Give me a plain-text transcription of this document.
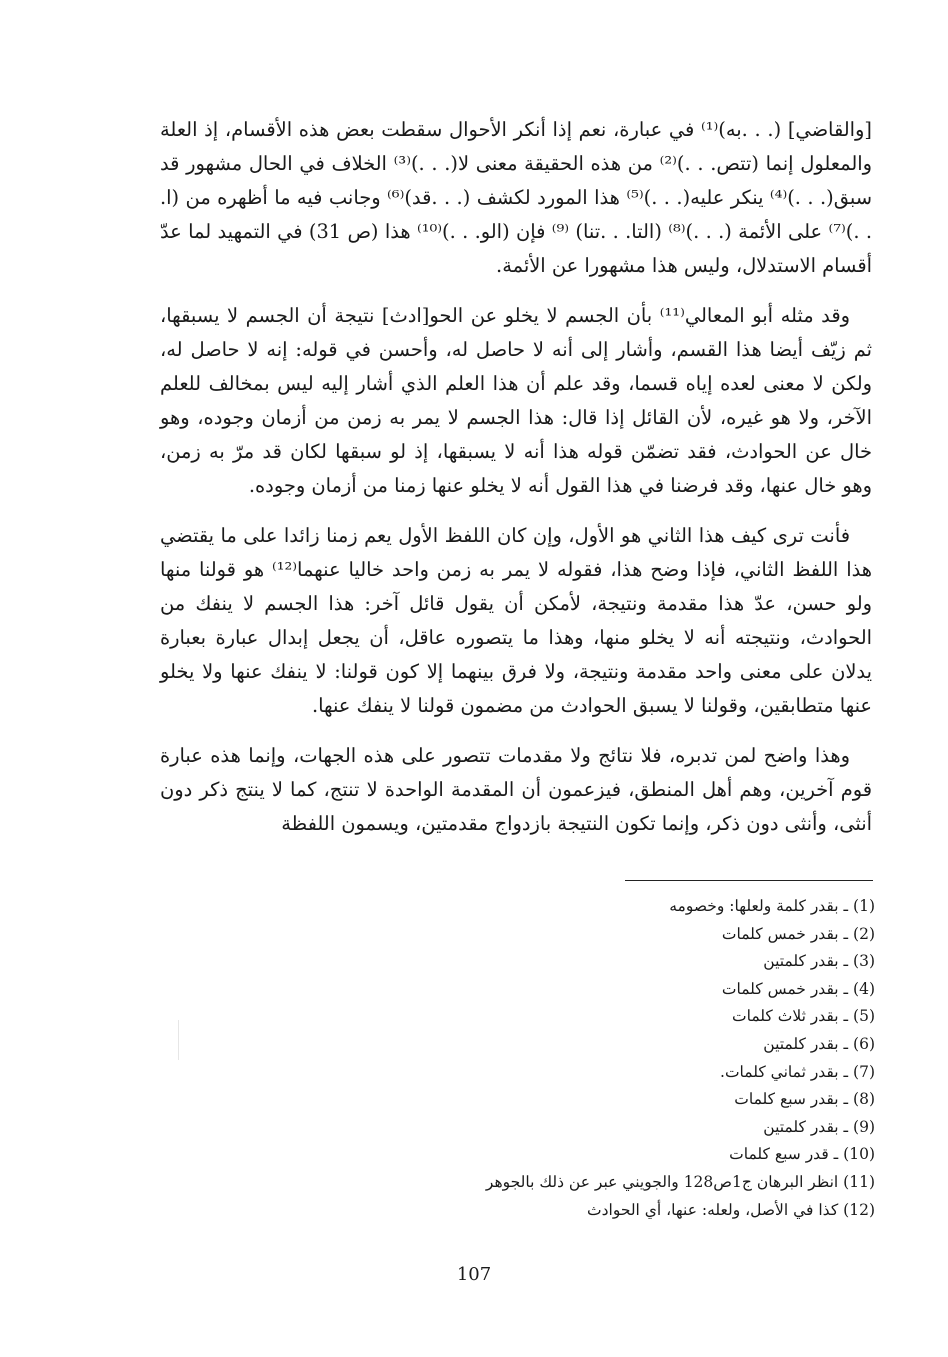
[والقاضي] (. . .به)⁽¹⁾ في عبارة، نعم إذا أنكر الأحوال سقطت بعض هذه الأقسام، إذ العلة والمعلول إنما (تتص. . .)⁽²⁾ من هذه الحقيقة معنى لا(. . .)⁽³⁾ الخلاف في الحال مشهور قد سبق(. . .)⁽⁴⁾ ينكر عليه(. . .)⁽⁵⁾ هذا المورد لكشف (. . .قد)⁽⁶⁾ وجانب فيه ما أظهره من (ا. . .)⁽⁷⁾ على الأئمة (. . .)⁽⁸⁾ (التا. . .تنا) ⁽⁹⁾ فإن (الو. . .)⁽¹⁰⁾ هذا (ص 31) في التمهيد لما عدّ أقسام الاستدلال، وليس هذا مشهورا عن الأئمة.

وقد مثله أبو المعالي⁽¹¹⁾ بأن الجسم لا يخلو عن الحو[ادث] نتيجة أن الجسم لا يسبقها، ثم زيّف أيضا هذا القسم، وأشار إلى أنه لا حاصل له، وأحسن في قوله: إنه لا حاصل له، ولكن لا معنى لعده إياه قسما، وقد علم أن هذا العلم الذي أشار إليه ليس بمخالف للعلم الآخر، ولا هو غيره، لأن القائل إذا قال: هذا الجسم لا يمر به زمن من أزمان وجوده، وهو خال عن الحوادث، فقد تضمّن قوله هذا أنه لا يسبقها، إذ لو سبقها لكان قد مرّ به زمن، وهو خال عنها، وقد فرضنا في هذا القول أنه لا يخلو عنها زمنا من أزمان وجوده.

فأنت ترى كيف هذا الثاني هو الأول، وإن كان اللفظ الأول يعم زمنا زائدا على ما يقتضي هذا اللفظ الثاني، فإذا وضح هذا، فقوله لا يمر به زمن واحد خاليا عنهما⁽¹²⁾ هو قولنا منها ولو حسن، عدّ هذا مقدمة ونتيجة، لأمكن أن يقول قائل آخر: هذا الجسم لا ينفك من الحوادث، ونتيجته أنه لا يخلو منها، وهذا ما يتصوره عاقل، أن يجعل إبدال عبارة بعبارة يدلان على معنى واحد مقدمة ونتيجة، ولا فرق بينهما إلا كون قولنا: لا ينفك عنها ولا يخلو عنها متطابقين، وقولنا لا يسبق الحوادث من مضمون قولنا لا ينفك عنها.

وهذا واضح لمن تدبره، فلا نتائج ولا مقدمات تتصور على هذه الجهات، وإنما هذه عبارة قوم آخرين، وهم أهل المنطق، فيزعمون أن المقدمة الواحدة لا تنتج، كما لا ينتج ذكر دون أنثى، وأنثى دون ذكر، وإنما تكون النتيجة بازدواج مقدمتين، ويسمون اللفظة

(1) ـ بقدر كلمة ولعلها: وخصومه

(2) ـ بقدر خمس كلمات

(3) ـ بقدر كلمتين

(4) ـ بقدر خمس كلمات

(5) ـ بقدر ثلاث كلمات

(6) ـ بقدر كلمتين

(7) ـ بقدر ثماني كلمات.

(8) ـ بقدر سبع كلمات

(9) ـ بقدر كلمتين

(10) ـ قدر سبع كلمات

(11) انظر البرهان ج1ص128 والجويني عبر عن ذلك بالجوهر

(12) كذا في الأصل، ولعله: عنها، أي الحوادث

107
